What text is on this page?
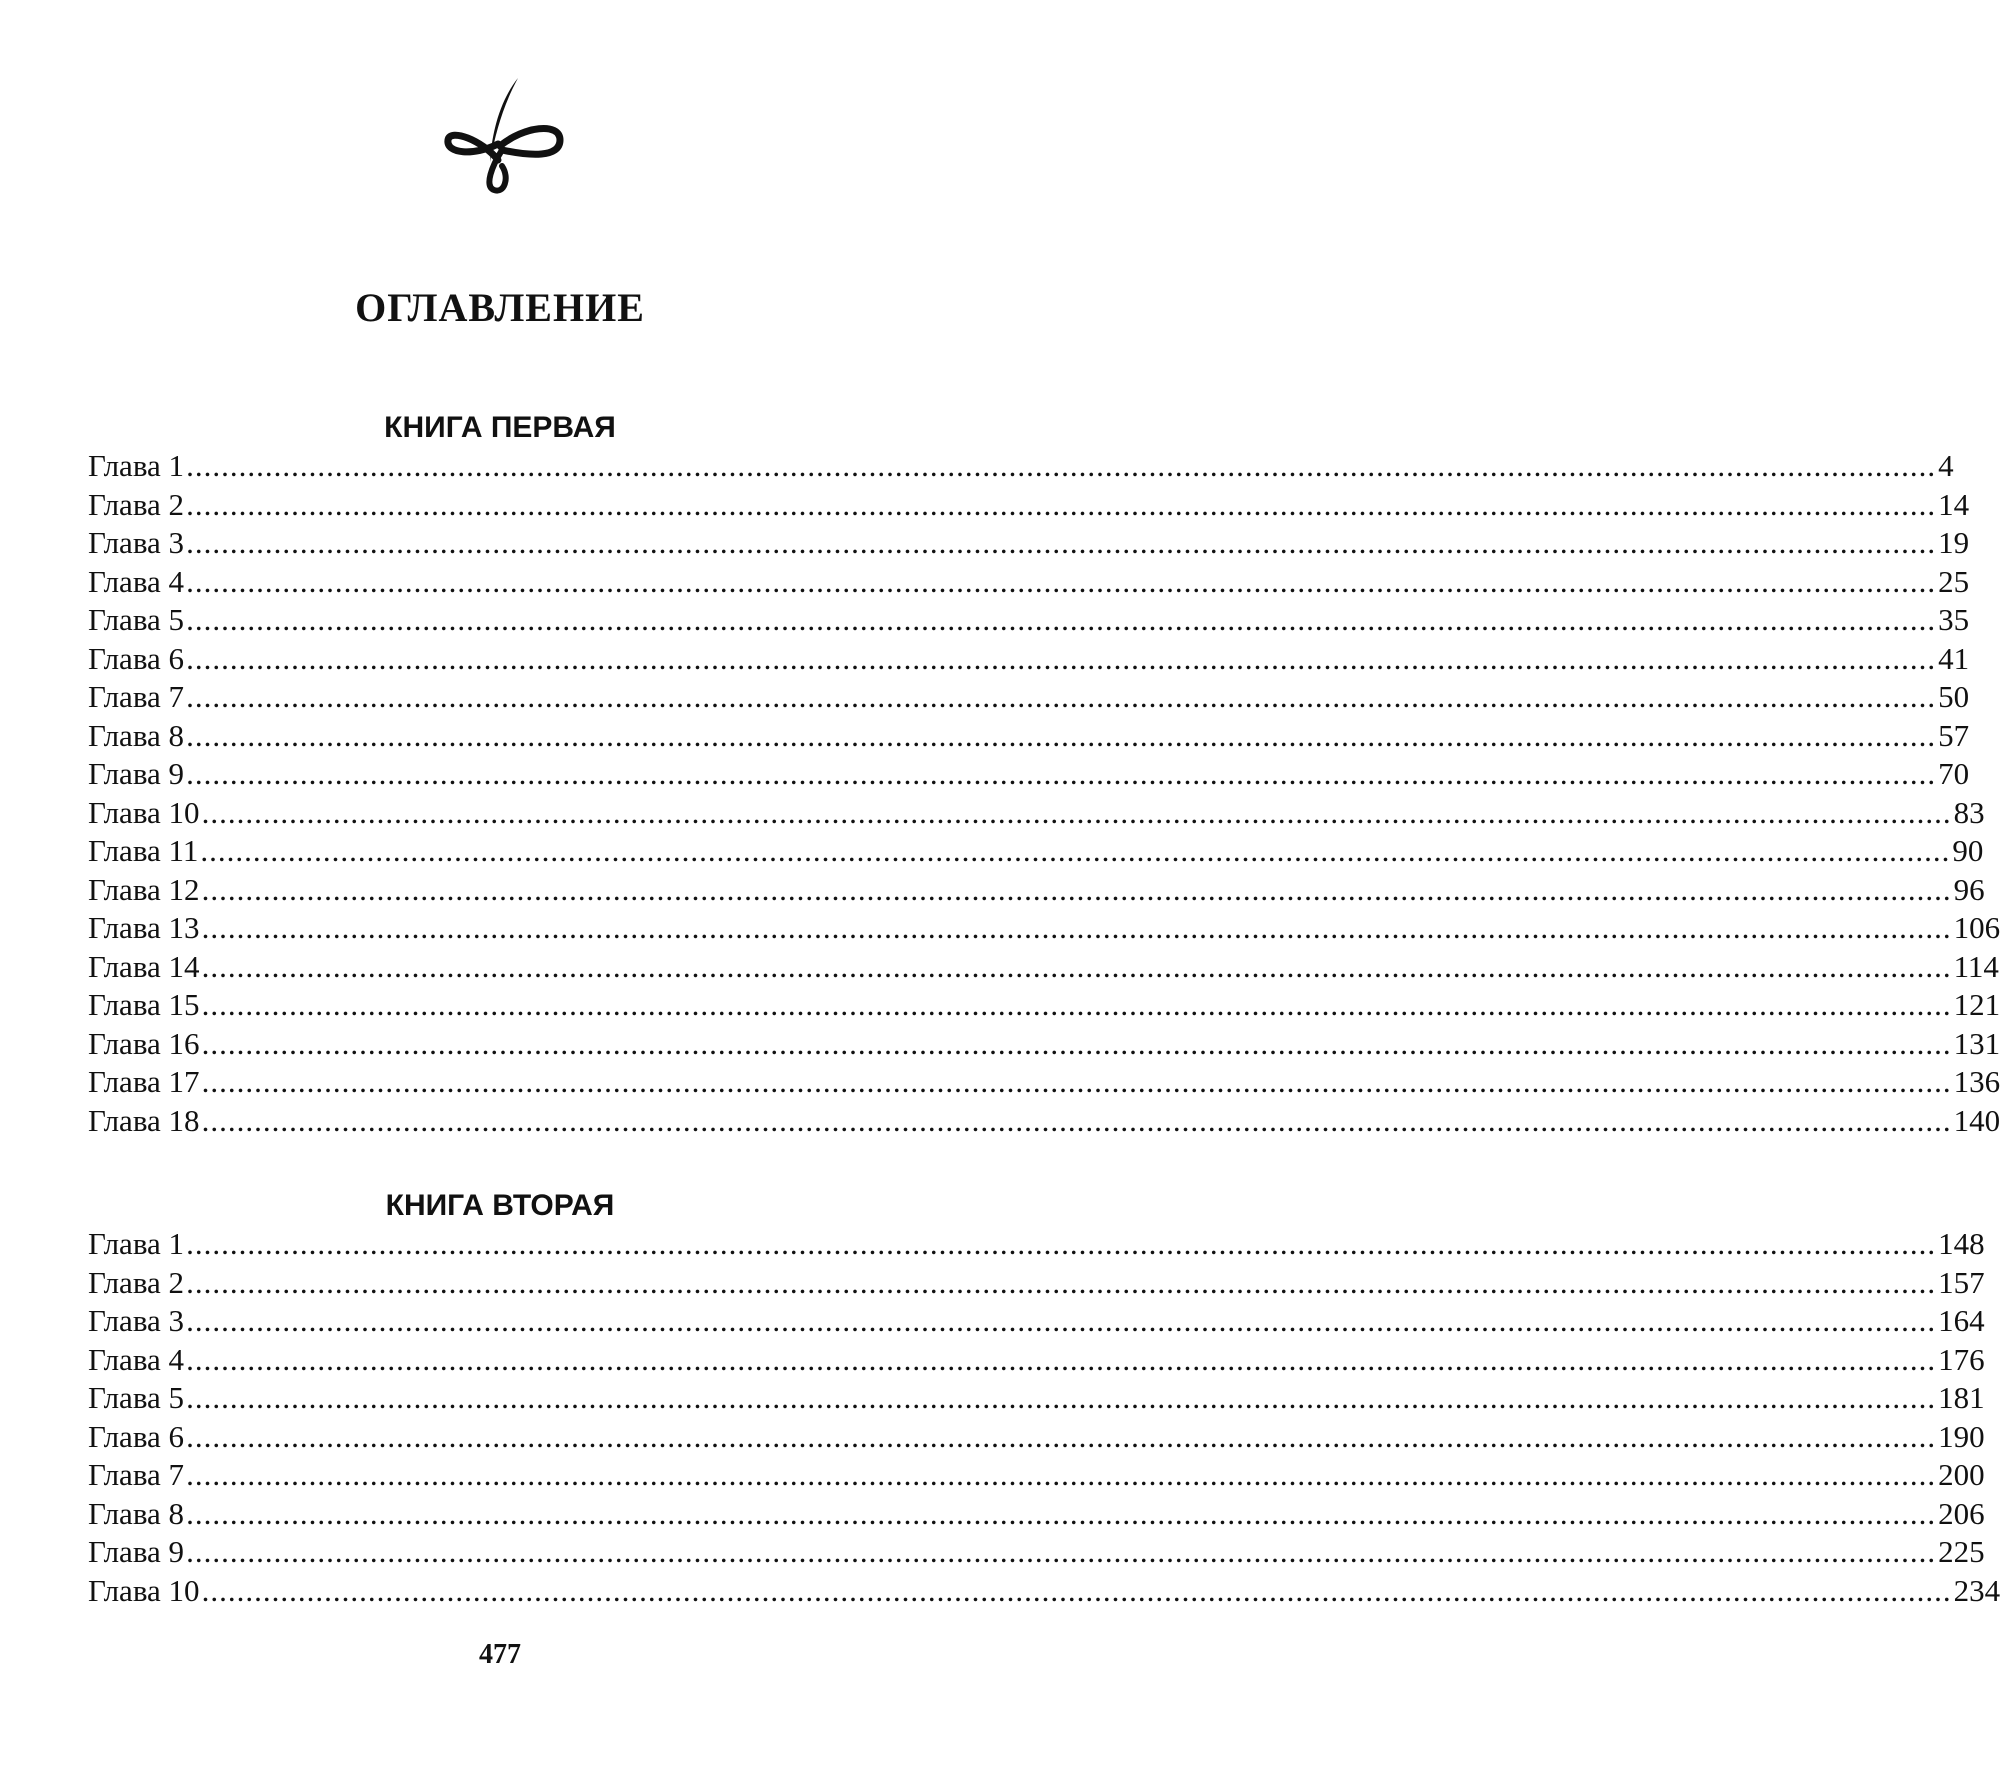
ОГЛАВЛЕНИЕ
КНИГА ПЕРВАЯ
Глава 1 ........................................................................................................................................................................................................ 4
Глава 2 ........................................................................................................................................................................................................ 14
Глава 3 ........................................................................................................................................................................................................ 19
Глава 4 ........................................................................................................................................................................................................ 25
Глава 5 ........................................................................................................................................................................................................ 35
Глава 6 ........................................................................................................................................................................................................ 41
Глава 7 ........................................................................................................................................................................................................ 50
Глава 8 ........................................................................................................................................................................................................ 57
Глава 9 ........................................................................................................................................................................................................ 70
Глава 10 ........................................................................................................................................................................................................ 83
Глава 11 ........................................................................................................................................................................................................ 90
Глава 12 ........................................................................................................................................................................................................ 96
Глава 13 ........................................................................................................................................................................................................ 106
Глава 14 ........................................................................................................................................................................................................ 114
Глава 15 ........................................................................................................................................................................................................ 121
Глава 16 ........................................................................................................................................................................................................ 131
Глава 17 ........................................................................................................................................................................................................ 136
Глава 18 ........................................................................................................................................................................................................ 140
КНИГА ВТОРАЯ
Глава 1 ........................................................................................................................................................................................................ 148
Глава 2 ........................................................................................................................................................................................................ 157
Глава 3 ........................................................................................................................................................................................................ 164
Глава 4 ........................................................................................................................................................................................................ 176
Глава 5 ........................................................................................................................................................................................................ 181
Глава 6 ........................................................................................................................................................................................................ 190
Глава 7 ........................................................................................................................................................................................................ 200
Глава 8 ........................................................................................................................................................................................................ 206
Глава 9 ........................................................................................................................................................................................................ 225
Глава 10 ........................................................................................................................................................................................................ 234
477
